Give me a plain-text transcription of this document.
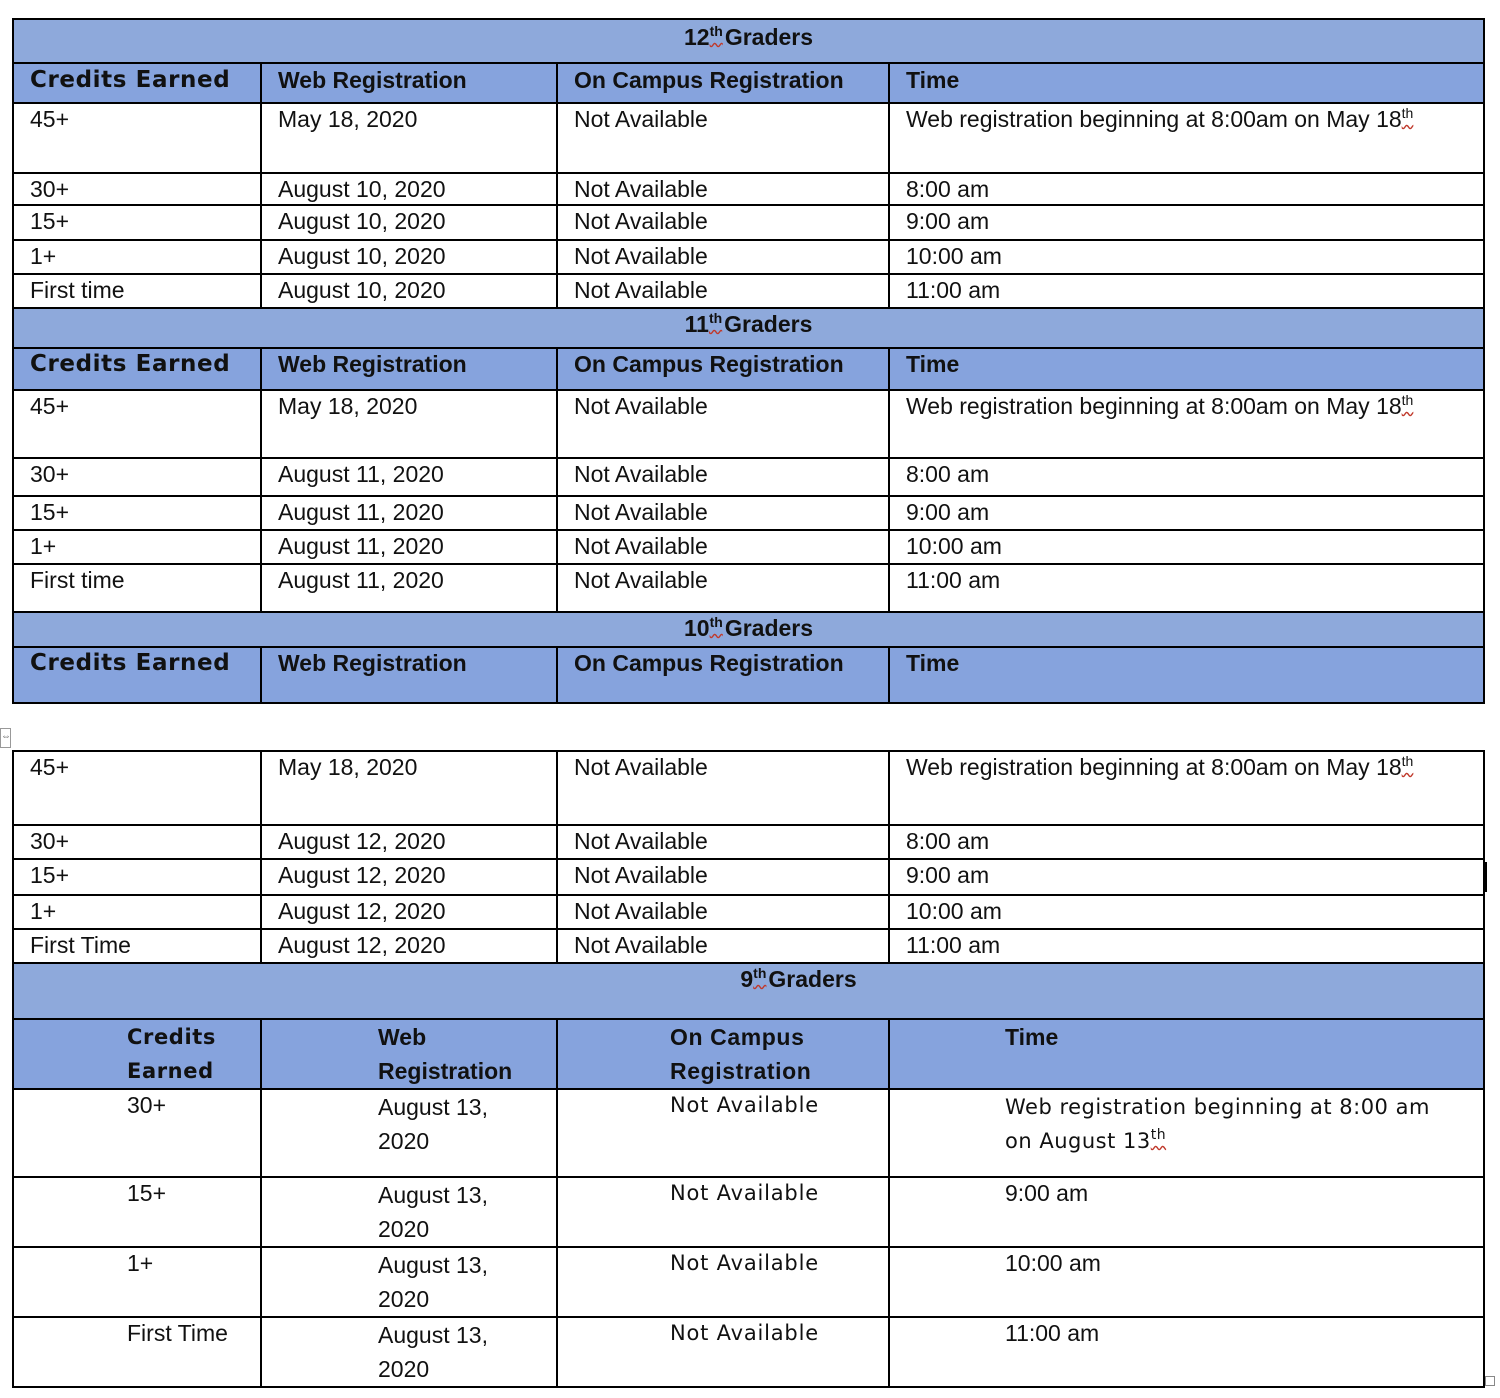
12thGraders			
Credits Earned	Web Registration	On Campus Registration	Time
45+	May 18, 2020	Not Available	Web registration beginning at 8:00am on May 18th
30+	August 10, 2020	Not Available	8:00 am
15+	August 10, 2020	Not Available	9:00 am
1+	August 10, 2020	Not Available	10:00 am
First time	August 10, 2020	Not Available	11:00 am
11thGraders			
Credits Earned	Web Registration	On Campus Registration	Time
45+	May 18, 2020	Not Available	Web registration beginning at 8:00am on May 18th
30+	August 11, 2020	Not Available	8:00 am
15+	August 11, 2020	Not Available	9:00 am
1+	August 11, 2020	Not Available	10:00 am
First time	August 11, 2020	Not Available	11:00 am
10thGraders			
Credits Earned	Web Registration	On Campus Registration	Time
⇔
45+	May 18, 2020	Not Available	Web registration beginning at 8:00am on May 18th
30+	August 12, 2020	Not Available	8:00 am
15+	August 12, 2020	Not Available	9:00 am
1+	August 12, 2020	Not Available	10:00 am
First Time	August 12, 2020	Not Available	11:00 am
9thGraders			
Credits Earned	Web Registration	On Campus Registration	Time
30+	August 13, 2020	Not Available	Web registration beginning at 8:00 am on August 13th
15+	August 13, 2020	Not Available	9:00 am
1+	August 13, 2020	Not Available	10:00 am
First Time	August 13, 2020	Not Available	11:00 am
